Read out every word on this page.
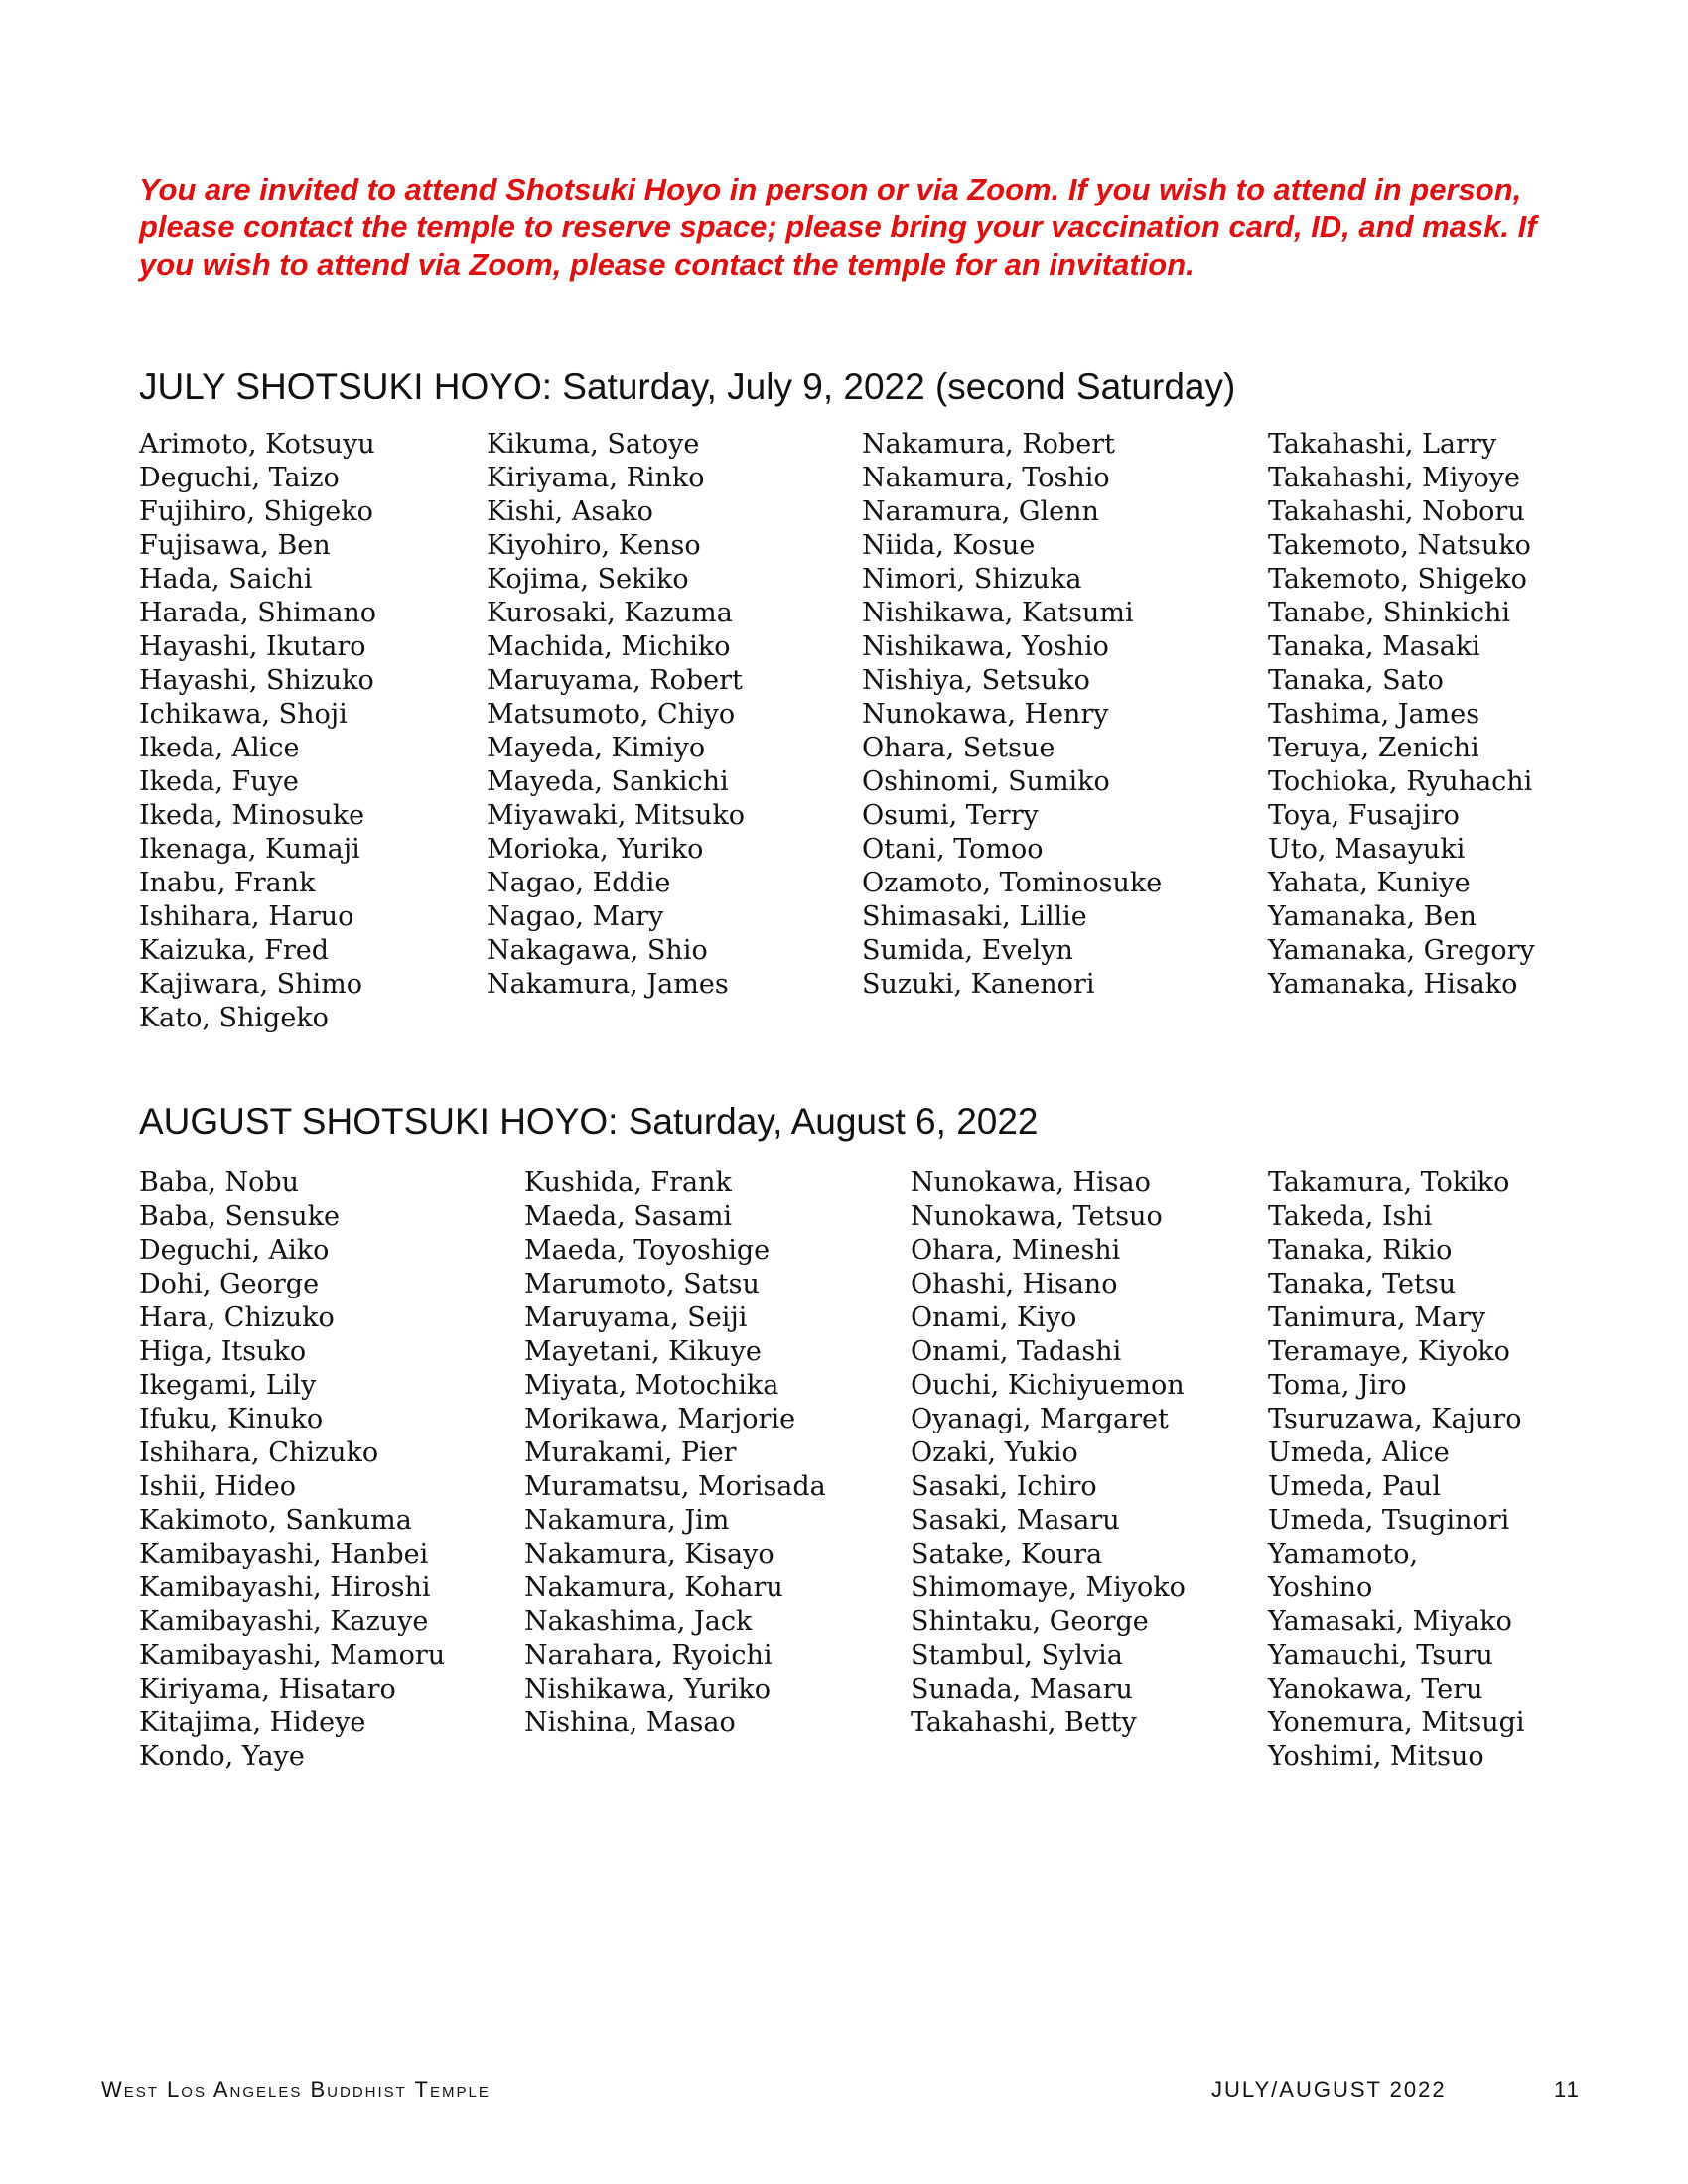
You are invited to attend Shotsuki Hoyo in person or via Zoom. If you wish to attend in person, please contact the temple to reserve space; please bring your vaccination card, ID, and mask. If you wish to attend via Zoom, please contact the temple for an invitation.
JULY SHOTSUKI HOYO: Saturday, July 9, 2022 (second Saturday)
Arimoto, Kotsuyu
Deguchi, Taizo
Fujihiro, Shigeko
Fujisawa, Ben
Hada, Saichi
Harada, Shimano
Hayashi, Ikutaro
Hayashi, Shizuko
Ichikawa, Shoji
Ikeda, Alice
Ikeda, Fuye
Ikeda, Minosuke
Ikenaga, Kumaji
Inabu, Frank
Ishihara, Haruo
Kaizuka, Fred
Kajiwara, Shimo
Kato, Shigeko
Kikuma, Satoye
Kiriyama, Rinko
Kishi, Asako
Kiyohiro, Kenso
Kojima, Sekiko
Kurosaki, Kazuma
Machida, Michiko
Maruyama, Robert
Matsumoto, Chiyo
Mayeda, Kimiyo
Mayeda, Sankichi
Miyawaki, Mitsuko
Morioka, Yuriko
Nagao, Eddie
Nagao, Mary
Nakagawa, Shio
Nakamura, James
Nakamura, Robert
Nakamura, Toshio
Naramura, Glenn
Niida, Kosue
Nimori, Shizuka
Nishikawa, Katsumi
Nishikawa, Yoshio
Nishiya, Setsuko
Nunokawa, Henry
Ohara, Setsue
Oshinomi, Sumiko
Osumi, Terry
Otani, Tomoo
Ozamoto, Tominosuke
Shimasaki, Lillie
Sumida, Evelyn
Suzuki, Kanenori
Takahashi, Larry
Takahashi, Miyoye
Takahashi, Noboru
Takemoto, Natsuko
Takemoto, Shigeko
Tanabe, Shinkichi
Tanaka, Masaki
Tanaka, Sato
Tashima, James
Teruya, Zenichi
Tochioka, Ryuhachi
Toya, Fusajiro
Uto, Masayuki
Yahata, Kuniye
Yamanaka, Ben
Yamanaka, Gregory
Yamanaka, Hisako
AUGUST SHOTSUKI HOYO: Saturday, August 6, 2022
Baba, Nobu
Baba, Sensuke
Deguchi, Aiko
Dohi, George
Hara, Chizuko
Higa, Itsuko
Ikegami, Lily
Ifuku, Kinuko
Ishihara, Chizuko
Ishii, Hideo
Kakimoto, Sankuma
Kamibayashi, Hanbei
Kamibayashi, Hiroshi
Kamibayashi, Kazuye
Kamibayashi, Mamoru
Kiriyama, Hisataro
Kitajima, Hideye
Kondo, Yaye
Kushida, Frank
Maeda, Sasami
Maeda, Toyoshige
Marumoto, Satsu
Maruyama, Seiji
Mayetani, Kikuye
Miyata, Motochika
Morikawa, Marjorie
Murakami, Pier
Muramatsu, Morisada
Nakamura, Jim
Nakamura, Kisayo
Nakamura, Koharu
Nakashima, Jack
Narahara, Ryoichi
Nishikawa, Yuriko
Nishina, Masao
Nunokawa, Hisao
Nunokawa, Tetsuo
Ohara, Mineshi
Ohashi, Hisano
Onami, Kiyo
Onami, Tadashi
Ouchi, Kichiyuemon
Oyanagi, Margaret
Ozaki, Yukio
Sasaki, Ichiro
Sasaki, Masaru
Satake, Koura
Shimomaye, Miyoko
Shintaku, George
Stambul, Sylvia
Sunada, Masaru
Takahashi, Betty
Takamura, Tokiko
Takeda, Ishi
Tanaka, Rikio
Tanaka, Tetsu
Tanimura, Mary
Teramaye, Kiyoko
Toma, Jiro
Tsuruzawa, Kajuro
Umeda, Alice
Umeda, Paul
Umeda, Tsuginori
Yamamoto,
Yoshino
Yamasaki, Miyako
Yamauchi, Tsuru
Yanokawa, Teru
Yonemura, Mitsugi
Yoshimi, Mitsuo
West Los Angeles Buddhist Temple	JULY/AUGUST 2022	11
